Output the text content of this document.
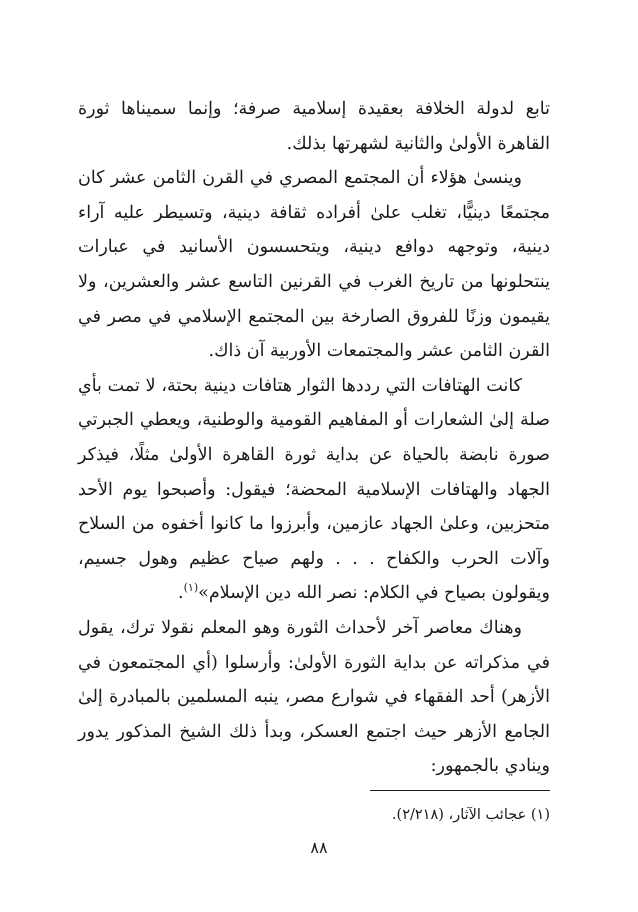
تابع لدولة الخلافة بعقيدة إسلامية صرفة؛ وإنما سميناها ثورة القاهرة الأولىٰ والثانية لشهرتها بذلك.

وينسىٰ هؤلاء أن المجتمع المصري في القرن الثامن عشر كان مجتمعًا دينيًّا، تغلب علىٰ أفراده ثقافة دينية، وتسيطر عليه آراء دينية، وتوجهه دوافع دينية، ويتحسسون الأسانيد في عبارات ينتحلونها من تاريخ الغرب في القرنين التاسع عشر والعشرين، ولا يقيمون وزنًا للفروق الصارخة بين المجتمع الإسلامي في مصر في القرن الثامن عشر والمجتمعات الأوربية آن ذاك.

كانت الهتافات التي رددها الثوار هتافات دينية بحتة، لا تمت بأي صلة إلىٰ الشعارات أو المفاهيم القومية والوطنية، ويعطي الجبرتي صورة نابضة بالحياة عن بداية ثورة القاهرة الأولىٰ مثلًا، فيذكر الجهاد والهتافات الإسلامية المحضة؛ فيقول: وأصبحوا يوم الأحد متحزبين، وعلىٰ الجهاد عازمين، وأبرزوا ما كانوا أخفوه من السلاح وآلات الحرب والكفاح . . . ولهم صياح عظيم وهول جسيم، ويقولون بصياح في الكلام: نصر الله دين الإسلام»$^{(١)}$.

وهناك معاصر آخر لأحداث الثورة وهو المعلم نقولا ترك، يقول في مذكراته عن بداية الثورة الأولىٰ: وأرسلوا (أي المجتمعون في الأزهر) أحد الفقهاء في شوارع مصر، ينبه المسلمين بالمبادرة إلىٰ الجامع الأزهر حيث اجتمع العسكر، وبدأ ذلك الشيخ المذكور يدور وينادي بالجمهور:

(١) عجائب الآثار، (٢/٢١٨).
٨٨
